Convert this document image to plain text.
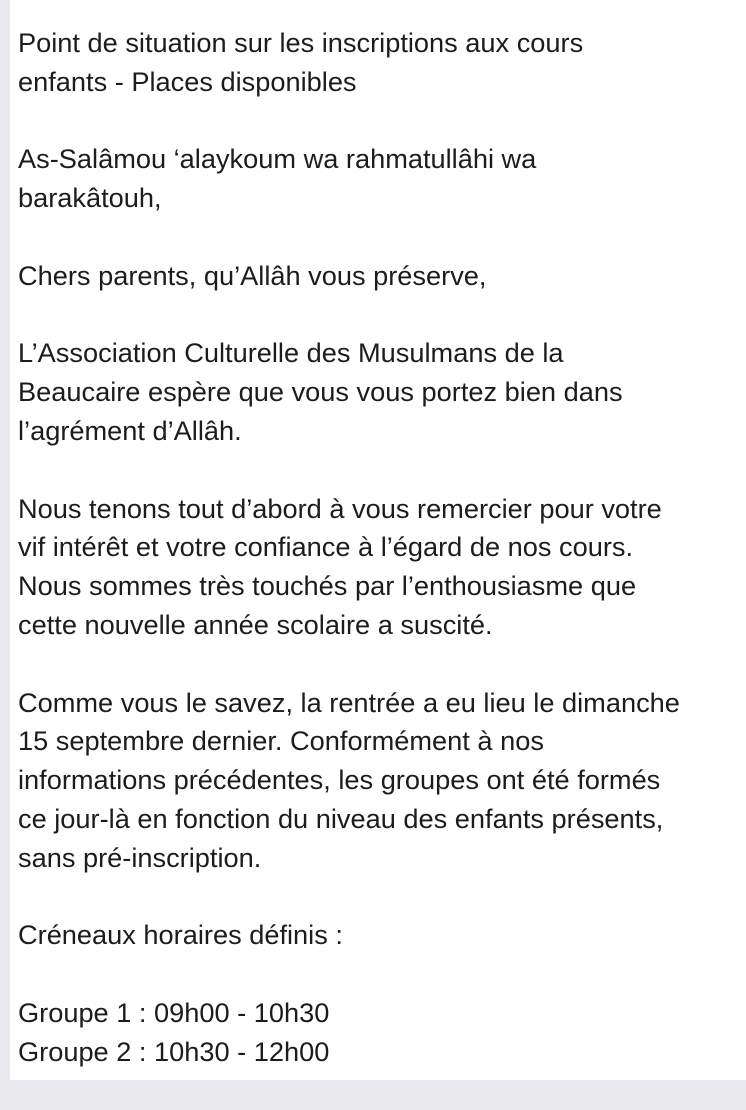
Point de situation sur les inscriptions aux cours
enfants - Places disponibles

As-Salâmou ‘alaykoum wa rahmatullâhi wa
barakâtouh,

Chers parents, qu’Allâh vous préserve,

L’Association Culturelle des Musulmans de la
Beaucaire espère que vous vous portez bien dans
l’agrément d’Allâh.

Nous tenons tout d’abord à vous remercier pour votre
vif intérêt et votre confiance à l’égard de nos cours.
Nous sommes très touchés par l’enthousiasme que
cette nouvelle année scolaire a suscité.

Comme vous le savez, la rentrée a eu lieu le dimanche
15 septembre dernier. Conformément à nos
informations précédentes, les groupes ont été formés
ce jour-là en fonction du niveau des enfants présents,
sans pré-inscription.

Créneaux horaires définis :

Groupe 1 : 09h00 - 10h30
Groupe 2 : 10h30 - 12h00
